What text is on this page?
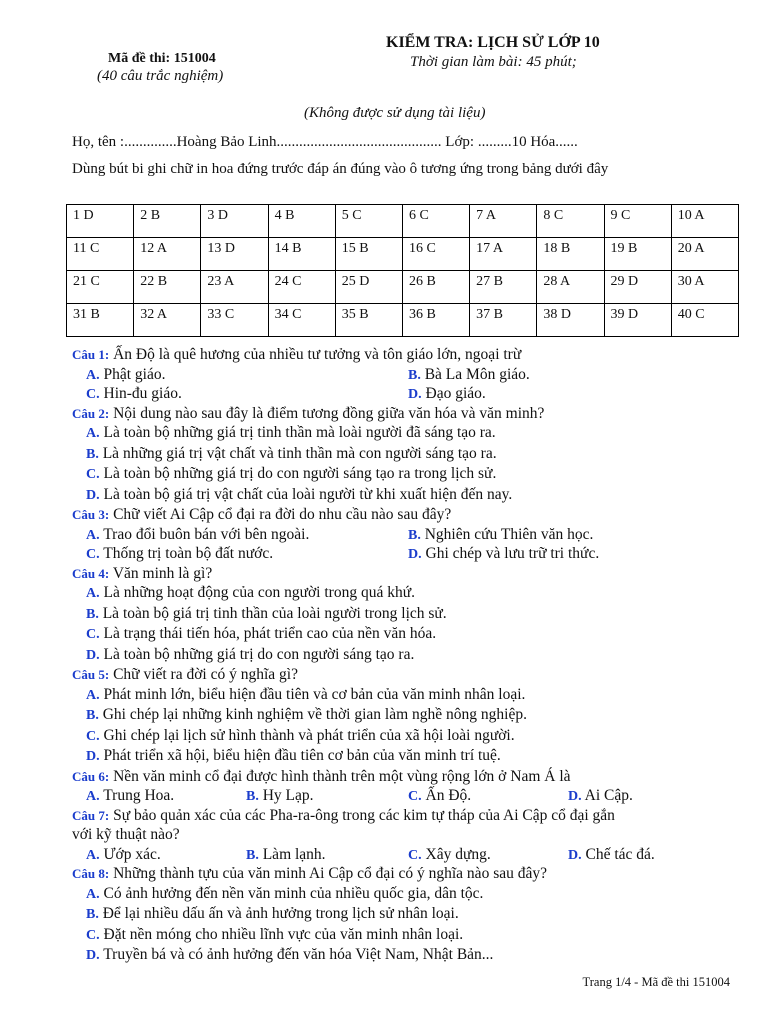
Mã đề thi: 151004
(40 câu trắc nghiệm)
KIỂM TRA: LỊCH SỬ LỚP 10
Thời gian làm bài: 45 phút;
(Không được sử dụng tài liệu)
Họ, tên :..............Hoàng Bảo Linh............................................ Lớp: .........10 Hóa......
Dùng bút bi ghi chữ in hoa đứng trước đáp án đúng vào ô tương ứng trong bảng dưới đây
1 D	2 B	3 D	4 B	5 C	6 C	7 A	8 C	9 C	10 A
11 C	12 A	13 D	14 B	15 B	16 C	17 A	18 B	19 B	20 A
21 C	22 B	23 A	24 C	25 D	26 B	27 B	28 A	29 D	30 A
31 B	32 A	33 C	34 C	35 B	36 B	37 B	38 D	39 D	40 C
Câu 1: Ấn Độ là quê hương của nhiều tư tưởng và tôn giáo lớn, ngoại trừ
A. Phật giáo.	B. Bà La Môn giáo.
C. Hin-đu giáo.	D. Đạo giáo.
Câu 2: Nội dung nào sau đây là điểm tương đồng giữa văn hóa và văn minh?
A. Là toàn bộ những giá trị tinh thần mà loài người đã sáng tạo ra.
B. Là những giá trị vật chất và tinh thần mà con người sáng tạo ra.
C. Là toàn bộ những giá trị do con người sáng tạo ra trong lịch sử.
D. Là toàn bộ giá trị vật chất của loài người từ khi xuất hiện đến nay.
Câu 3: Chữ viết Ai Cập cổ đại ra đời do nhu cầu nào sau đây?
A. Trao đổi buôn bán với bên ngoài.	B. Nghiên cứu Thiên văn học.
C. Thống trị toàn bộ đất nước.	D. Ghi chép và lưu trữ tri thức.
Câu 4: Văn minh là gì?
A. Là những hoạt động của con người trong quá khứ.
B. Là toàn bộ giá trị tinh thần của loài người trong lịch sử.
C. Là trạng thái tiến hóa, phát triển cao của nền văn hóa.
D. Là toàn bộ những giá trị do con người sáng tạo ra.
Câu 5: Chữ viết ra đời có ý nghĩa gì?
A. Phát minh lớn, biểu hiện đầu tiên và cơ bản của văn minh nhân loại.
B. Ghi chép lại những kinh nghiệm về thời gian làm nghề nông nghiệp.
C. Ghi chép lại lịch sử hình thành và phát triển của xã hội loài người.
D. Phát triển xã hội, biểu hiện đầu tiên cơ bản của văn minh trí tuệ.
Câu 6: Nền văn minh cổ đại được hình thành trên một vùng rộng lớn ở Nam Á là
A. Trung Hoa.	B. Hy Lạp.	C. Ấn Độ.	D. Ai Cập.
Câu 7: Sự bảo quản xác của các Pha-ra-ông trong các kim tự tháp của Ai Cập cổ đại gắn
với kỹ thuật nào?
A. Ướp xác.	B. Làm lạnh.	C. Xây dựng.	D. Chế tác đá.
Câu 8: Những thành tựu của văn minh Ai Cập cổ đại có ý nghĩa nào sau đây?
A. Có ảnh hưởng đến nền văn minh của nhiều quốc gia, dân tộc.
B. Để lại nhiều dấu ấn và ảnh hưởng trong lịch sử nhân loại.
C. Đặt nền móng cho nhiều lĩnh vực của văn minh nhân loại.
D. Truyền bá và có ảnh hưởng đến văn hóa Việt Nam, Nhật Bản...
Trang 1/4 - Mã đề thi 151004
